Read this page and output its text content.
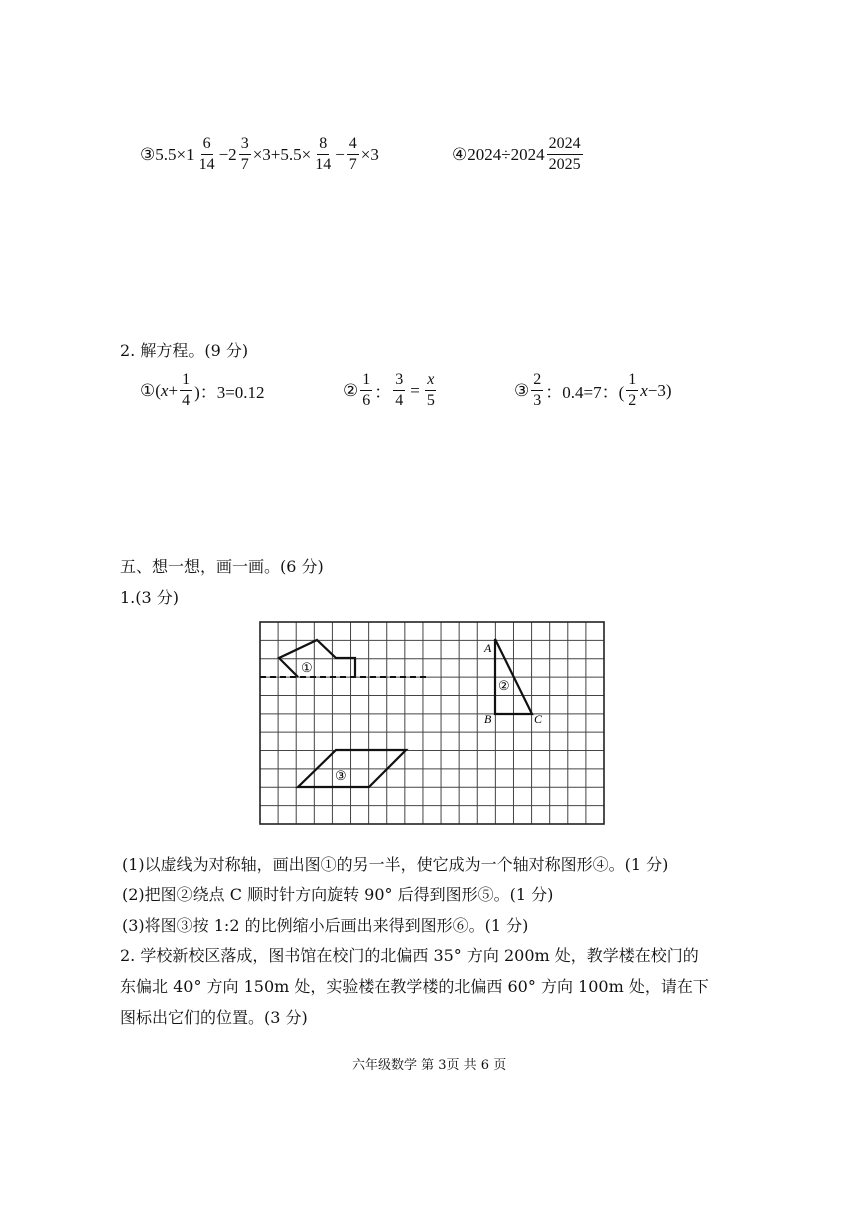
③ $5.5\times 1 \frac{6}{14} -2 \frac{3}{7} \times 3+5.5\times \frac{8}{14} - \frac{4}{7} \times 3$	④ $2024\div 2024 \frac{2024}{2025}$
2. 解方程。(9 分)
① ( $x + \frac{1}{4}$ )：3=0.12	② $\frac{1}{6}$ ： $\frac{3}{4} = \frac{x}{5}$	③ $\frac{2}{3}$ ：0.4=7：( $\frac{1}{2}$ x −3)
五、想一想，画一画。(6 分)
1.(3 分)
①
②
③
A
B	C
(1)以虚线为对称轴，画出图①的另一半，使它成为一个轴对称图形④。(1 分)
(2)把图②绕点 C 顺时针方向旋转 90° 后得到图形⑤。(1 分)
(3)将图③按 1:2 的比例缩小后画出来得到图形⑥。(1 分)
2. 学校新校区落成，图书馆在校门的北偏西 35° 方向 200m 处，教学楼在校门的
东偏北 40° 方向 150m 处，实验楼在教学楼的北偏西 60° 方向 100m 处，请在下
图标出它们的位置。(3 分)
六年级数学 第 3页 共 6 页
